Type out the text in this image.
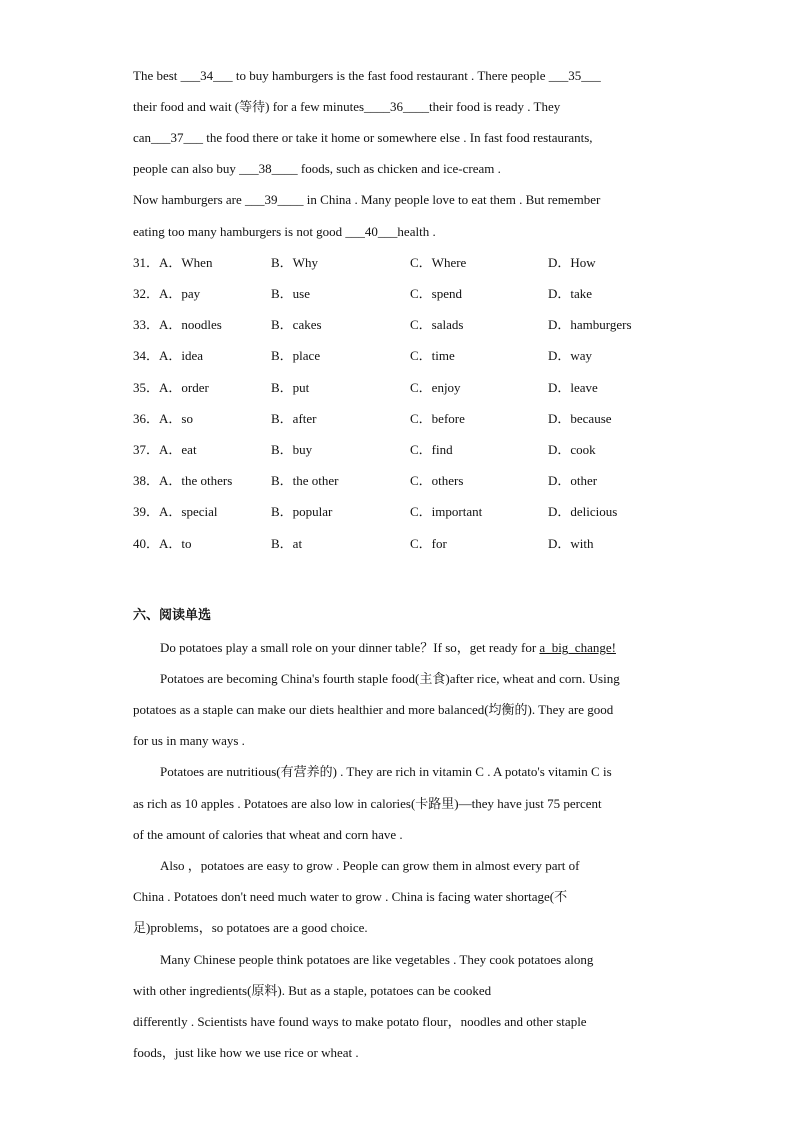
The best ___34___ to buy hamburgers is the fast food restaurant . There people ___35___
their food and wait (等待) for a few minutes____36____their food is ready . They
can___37___ the food there or take it home or somewhere else . In fast food restaurants,
people can also buy ___38____ foods, such as chicken and ice-cream .
Now hamburgers are ___39____ in China . Many people love to eat them . But remember
eating too many hamburgers is not good ___40___health .
31．A．When	B．Why	C．Where	D．How
32．A．pay	B．use	C．spend	D．take
33．A．noodles	B．cakes	C．salads	D．hamburgers
34．A．idea	B．place	C．time	D．way
35．A．order	B．put	C．enjoy	D．leave
36．A．so	B．after	C．before	D．because
37．A．eat	B．buy	C．find	D．cook
38．A．the others	B．the other	C．others	D．other
39．A．special	B．popular	C．important	D．delicious
40．A．to	B．at	C．for	D．with
六、阅读单选
Do potatoes play a small role on your dinner table？If so，get ready for a_big_change!
Potatoes are becoming China's fourth staple food(主食)after rice, wheat and corn. Using
potatoes as a staple can make our diets healthier and more balanced(均衡的). They are good
for us in many ways .
Potatoes are nutritious(有营养的) . They are rich in vitamin C . A potato's vitamin C is
as rich as 10 apples . Potatoes are also low in calories(卡路里)—they have just 75 percent
of the amount of calories that wheat and corn have .
Also ，potatoes are easy to grow . People can grow them in almost every part of
China . Potatoes don't need much water to grow . China is facing water shortage(不
足)problems，so potatoes are a good choice.
Many Chinese people think potatoes are like vegetables . They cook potatoes along
with other ingredients(原料). But as a staple, potatoes can be cooked
differently . Scientists have found ways to make potato flour，noodles and other staple
foods，just like how we use rice or wheat .
